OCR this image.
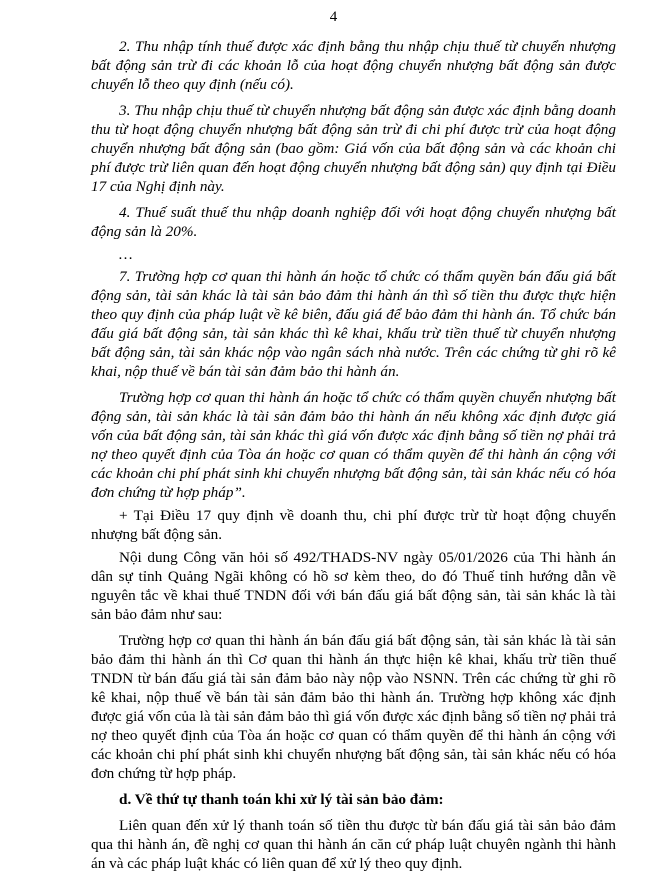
4

2. Thu nhập tính thuế được xác định bằng thu nhập chịu thuế từ chuyển nhượng bất động sản trừ đi các khoản lỗ của hoạt động chuyển nhượng bất động sản được chuyển lỗ theo quy định (nếu có).

3. Thu nhập chịu thuế từ chuyển nhượng bất động sản được xác định bằng doanh thu từ hoạt động chuyển nhượng bất động sản trừ đi chi phí được trừ của hoạt động chuyển nhượng bất động sản (bao gồm: Giá vốn của bất động sản và các khoản chi phí được trừ liên quan đến hoạt động chuyển nhượng bất động sản) quy định tại Điều 17 của Nghị định này.

4. Thuế suất thuế thu nhập doanh nghiệp đối với hoạt động chuyển nhượng bất động sản là 20%.

…

7. Trường hợp cơ quan thi hành án hoặc tổ chức có thẩm quyền bán đấu giá bất động sản, tài sản khác là tài sản bảo đảm thi hành án thì số tiền thu được thực hiện theo quy định của pháp luật về kê biên, đấu giá để bảo đảm thi hành án. Tổ chức bán đấu giá bất động sản, tài sản khác thì kê khai, khấu trừ tiền thuế từ chuyển nhượng bất động sản, tài sản khác nộp vào ngân sách nhà nước. Trên các chứng từ ghi rõ kê khai, nộp thuế về bán tài sản đảm bảo thi hành án.

Trường hợp cơ quan thi hành án hoặc tổ chức có thẩm quyền chuyển nhượng bất động sản, tài sản khác là tài sản đảm bảo thi hành án nếu không xác định được giá vốn của bất động sản, tài sản khác thì giá vốn được xác định bằng số tiền nợ phải trả nợ theo quyết định của Tòa án hoặc cơ quan có thẩm quyền để thi hành án cộng với các khoản chi phí phát sinh khi chuyển nhượng bất động sản, tài sản khác nếu có hóa đơn chứng từ hợp pháp”.

+ Tại Điều 17 quy định về doanh thu, chi phí được trừ từ hoạt động chuyển nhượng bất động sản.

Nội dung Công văn hỏi số 492/THADS-NV ngày 05/01/2026 của Thi hành án dân sự tỉnh Quảng Ngãi không có hồ sơ kèm theo, do đó Thuế tỉnh hướng dẫn về nguyên tắc về khai thuế TNDN đối với bán đấu giá bất động sản, tài sản khác là tài sản bảo đảm như sau:

Trường hợp cơ quan thi hành án bán đấu giá bất động sản, tài sản khác là tài sản bảo đảm thi hành án thì Cơ quan thi hành án thực hiện kê khai, khấu trừ tiền thuế TNDN từ bán đấu giá tài sản đảm bảo này nộp vào NSNN. Trên các chứng từ ghi rõ kê khai, nộp thuế về bán tài sản đảm bảo thi hành án. Trường hợp không xác định được giá vốn của là tài sản đảm bảo thì giá vốn được xác định bằng số tiền nợ phải trả nợ theo quyết định của Tòa án hoặc cơ quan có thẩm quyền để thi hành án cộng với các khoản chi phí phát sinh khi chuyển nhượng bất động sản, tài sản khác nếu có hóa đơn chứng từ hợp pháp.

d. Về thứ tự thanh toán khi xử lý tài sản bảo đảm:

Liên quan đến xử lý thanh toán số tiền thu được từ bán đấu giá tài sản bảo đảm qua thi hành án, đề nghị cơ quan thi hành án căn cứ pháp luật chuyên ngành thi hành án và các pháp luật khác có liên quan để xử lý theo quy định.
